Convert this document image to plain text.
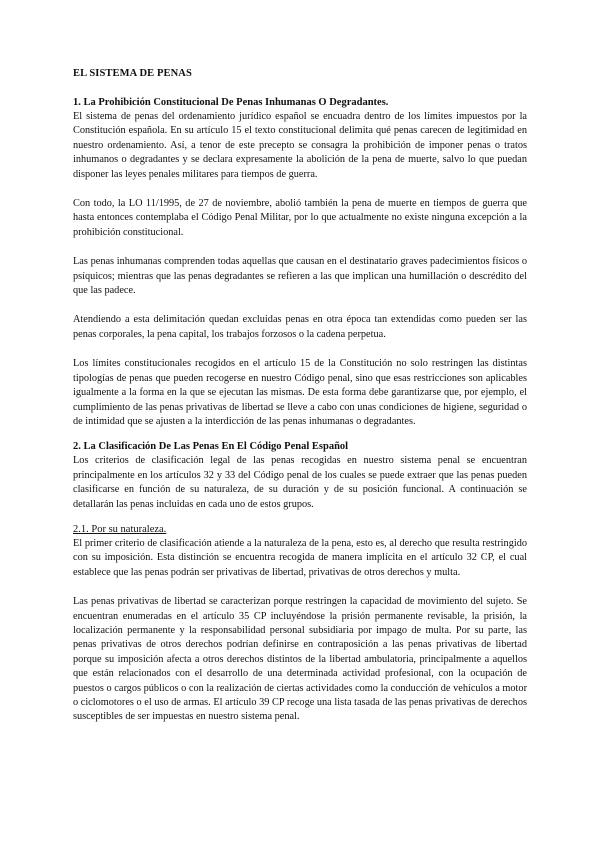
EL SISTEMA DE PENAS
1. La Prohibición Constitucional De Penas Inhumanas O Degradantes.

El sistema de penas del ordenamiento jurídico español se encuadra dentro de los límites impuestos por la Constitución española. En su artículo 15 el texto constitucional delimita qué penas carecen de legitimidad en nuestro ordenamiento. Así, a tenor de este precepto se consagra la prohibición de imponer penas o tratos inhumanos o degradantes y se declara expresamente la abolición de la pena de muerte, salvo lo que puedan disponer las leyes penales militares para tiempos de guerra.

Con todo, la LO 11/1995, de 27 de noviembre, abolió también la pena de muerte en tiempos de guerra que hasta entonces contemplaba el Código Penal Militar, por lo que actualmente no existe ninguna excepción a la prohibición constitucional.

Las penas inhumanas comprenden todas aquellas que causan en el destinatario graves padecimientos físicos o psíquicos; mientras que las penas degradantes se refieren a las que implican una humillación o descrédito del que las padece.

Atendiendo a esta delimitación quedan excluidas penas en otra época tan extendidas como pueden ser las penas corporales, la pena capital, los trabajos forzosos o la cadena perpetua.

Los límites constitucionales recogidos en el artículo 15 de la Constitución no solo restringen las distintas tipologías de penas que pueden recogerse en nuestro Código penal, sino que esas restricciones son aplicables igualmente a la forma en la que se ejecutan las mismas. De esta forma debe garantizarse que, por ejemplo, el cumplimiento de las penas privativas de libertad se lleve a cabo con unas condiciones de higiene, seguridad o de intimidad que se ajusten a la interdicción de las penas inhumanas o degradantes.

2. La Clasificación De Las Penas En El Código Penal Español

Los criterios de clasificación legal de las penas recogidas en nuestro sistema penal se encuentran principalmente en los artículos 32 y 33 del Código penal de los cuales se puede extraer que las penas pueden clasificarse en función de su naturaleza, de su duración y de su posición funcional. A continuación se detallarán las penas incluidas en cada uno de estos grupos.

2.1. Por su naturaleza.

El primer criterio de clasificación atiende a la naturaleza de la pena, esto es, al derecho que resulta restringido con su imposición. Esta distinción se encuentra recogida de manera implícita en el artículo 32 CP, el cual establece que las penas podrán ser privativas de libertad, privativas de otros derechos y multa.

Las penas privativas de libertad se caracterizan porque restringen la capacidad de movimiento del sujeto. Se encuentran enumeradas en el artículo 35 CP incluyéndose la prisión permanente revisable, la prisión, la localización permanente y la responsabilidad personal subsidiaria por impago de multa. Por su parte, las penas privativas de otros derechos podrían definirse en contraposición a las penas privativas de libertad porque su imposición afecta a otros derechos distintos de la libertad ambulatoria, principalmente a aquellos que están relacionados con el desarrollo de una determinada actividad profesional, con la ocupación de puestos o cargos públicos o con la realización de ciertas actividades como la conducción de vehículos a motor o ciclomotores o el uso de armas. El artículo 39 CP recoge una lista tasada de las penas privativas de derechos susceptibles de ser impuestas en nuestro sistema penal.
